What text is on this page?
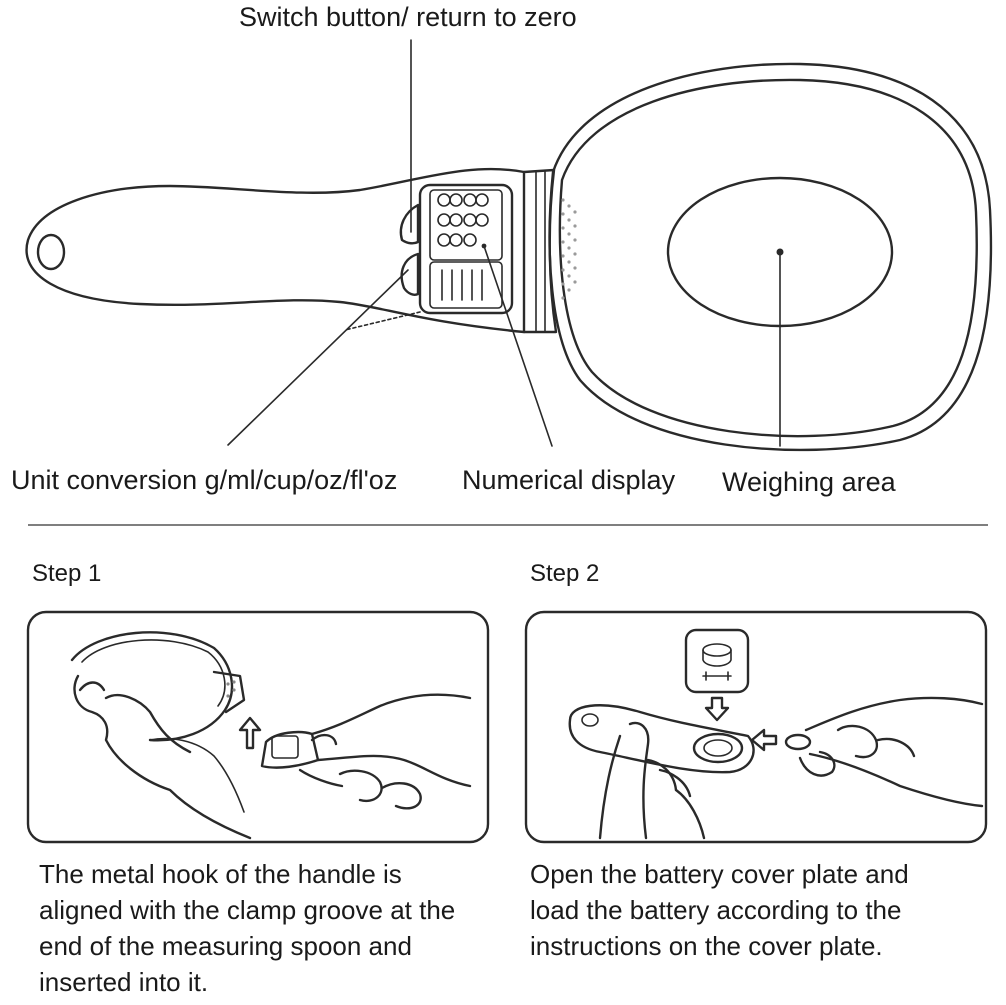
Switch button/ return to zero
Unit conversion g/ml/cup/oz/fl'oz Numerical display Weighing area
Step 1	Step 2
The metal hook of the handle is
aligned with the clamp groove at the
end of the measuring spoon and
inserted into it.
Open the battery cover plate and
load the battery according to the
instructions on the cover plate.
